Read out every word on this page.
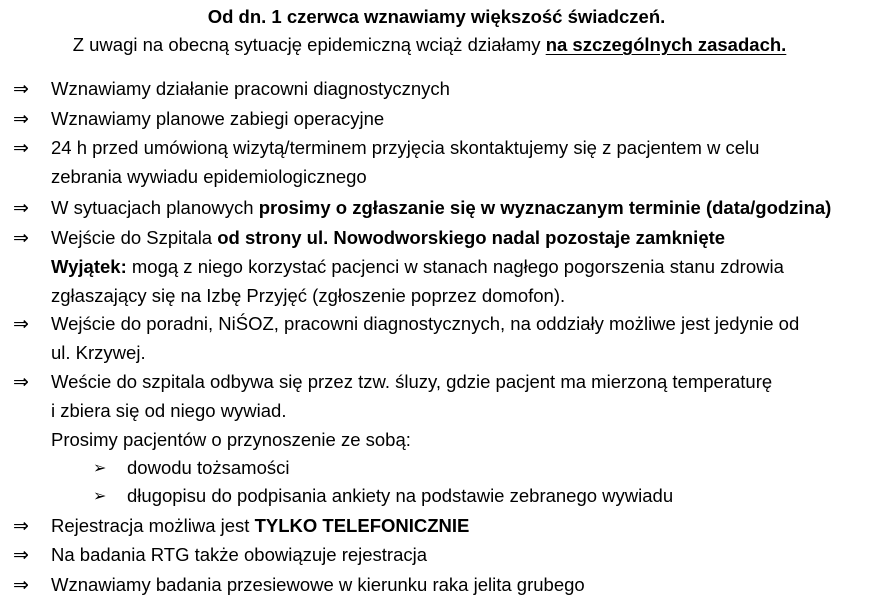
Od dn. 1 czerwca wznawiamy większość świadczeń.
Z uwagi na obecną sytuację epidemiczną wciąż działamy na szczególnych zasadach.
⇒ Wznawiamy działanie pracowni diagnostycznych
⇒ Wznawiamy planowe zabiegi operacyjne
⇒ 24 h przed umówioną wizytą/terminem przyjęcia skontaktujemy się z pacjentem w celu
zebrania wywiadu epidemiologicznego
⇒ W sytuacjach planowych prosimy o zgłaszanie się w wyznaczanym terminie (data/godzina)
⇒ Wejście do Szpitala od strony ul. Nowodworskiego nadal pozostaje zamknięte
Wyjątek: mogą z niego korzystać pacjenci w stanach nagłego pogorszenia stanu zdrowia
zgłaszający się na Izbę Przyjęć (zgłoszenie poprzez domofon).
⇒ Wejście do poradni, NiŚOZ, pracowni diagnostycznych, na oddziały możliwe jest jedynie od
ul. Krzywej.
⇒ Weście do szpitala odbywa się przez tzw. śluzy, gdzie pacjent ma mierzoną temperaturę
i zbiera się od niego wywiad.
Prosimy pacjentów o przynoszenie ze sobą:
➢ dowodu tożsamości
➢ długopisu do podpisania ankiety na podstawie zebranego wywiadu
⇒ Rejestracja możliwa jest TYLKO TELEFONICZNIE
⇒ Na badania RTG także obowiązuje rejestracja
⇒ Wznawiamy badania przesiewowe w kierunku raka jelita grubego
